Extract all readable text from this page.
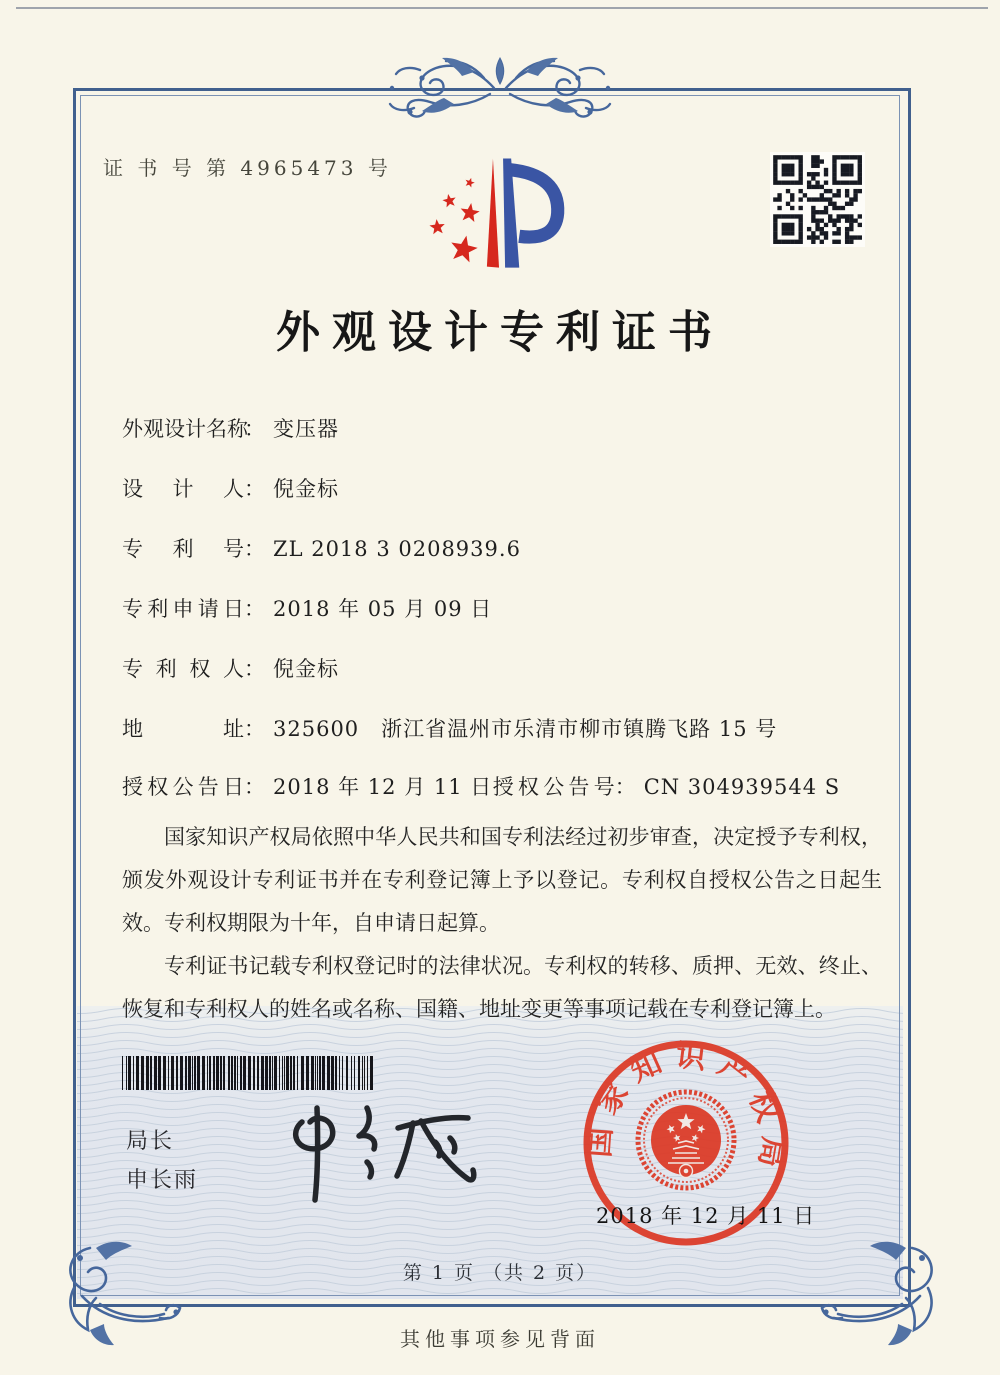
证 书 号 第 4965473 号
外观设计专利证书
外观设计名称： 变压器
设计人： 倪金标
专利号： ZL 2018 3 0208939.6
专利申请日： 2018 年 05 月 09 日
专利权人： 倪金标
地址： 325600　浙江省温州市乐清市柳市镇腾飞路 15 号
授权公告日： 2018 年 12 月 11 日 授权公告号： CN 304939544 S

国家知识产权局依照中华人民共和国专利法经过初步审查，决定授予专利权，颁发外观设计专利证书并在专利登记簿上予以登记。专利权自授权公告之日起生效。专利权期限为十年，自申请日起算。

专利证书记载专利权登记时的法律状况。专利权的转移、质押、无效、终止、恢复和专利权人的姓名或名称、国籍、地址变更等事项记载在专利登记簿上。

局长
申长雨
国家知识产权局
2018 年 12 月 11 日
第 1 页 （共 2 页）
其他事项参见背面
